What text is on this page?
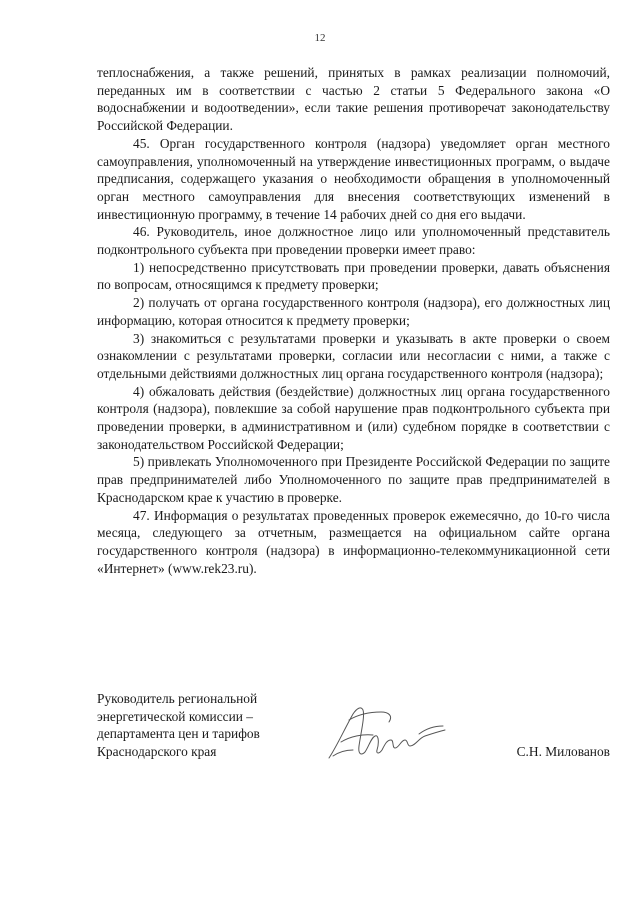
12

теплоснабжения, а также решений, принятых в рамках реализации полномочий, переданных им в соответствии с частью 2 статьи 5 Федерального закона «О водоснабжении и водоотведении», если такие решения противоречат законодательству Российской Федерации.

45. Орган государственного контроля (надзора) уведомляет орган местного самоуправления, уполномоченный на утверждение инвестиционных программ, о выдаче предписания, содержащего указания о необходимости обращения в уполномоченный орган местного самоуправления для внесения соответствующих изменений в инвестиционную программу, в течение 14 рабочих дней со дня его выдачи.

46. Руководитель, иное должностное лицо или уполномоченный представитель подконтрольного субъекта при проведении проверки имеет право:

1) непосредственно присутствовать при проведении проверки, давать объяснения по вопросам, относящимся к предмету проверки;

2) получать от органа государственного контроля (надзора), его должностных лиц информацию, которая относится к предмету проверки;

3) знакомиться с результатами проверки и указывать в акте проверки о своем ознакомлении с результатами проверки, согласии или несогласии с ними, а также с отдельными действиями должностных лиц органа государственного контроля (надзора);

4) обжаловать действия (бездействие) должностных лиц органа государственного контроля (надзора), повлекшие за собой нарушение прав подконтрольного субъекта при проведении проверки, в административном и (или) судебном порядке в соответствии с законодательством Российской Федерации;

5) привлекать Уполномоченного при Президенте Российской Федерации по защите прав предпринимателей либо Уполномоченного по защите прав предпринимателей в Краснодарском крае к участию в проверке.

47. Информация о результатах проведенных проверок ежемесячно, до 10-го числа месяца, следующего за отчетным, размещается на официальном сайте органа государственного контроля (надзора) в информационно-телекоммуникационной сети «Интернет» (www.rek23.ru).

Руководитель региональной
энергетической комиссии –
департамента цен и тарифов
Краснодарского края	С.Н. Милованов
